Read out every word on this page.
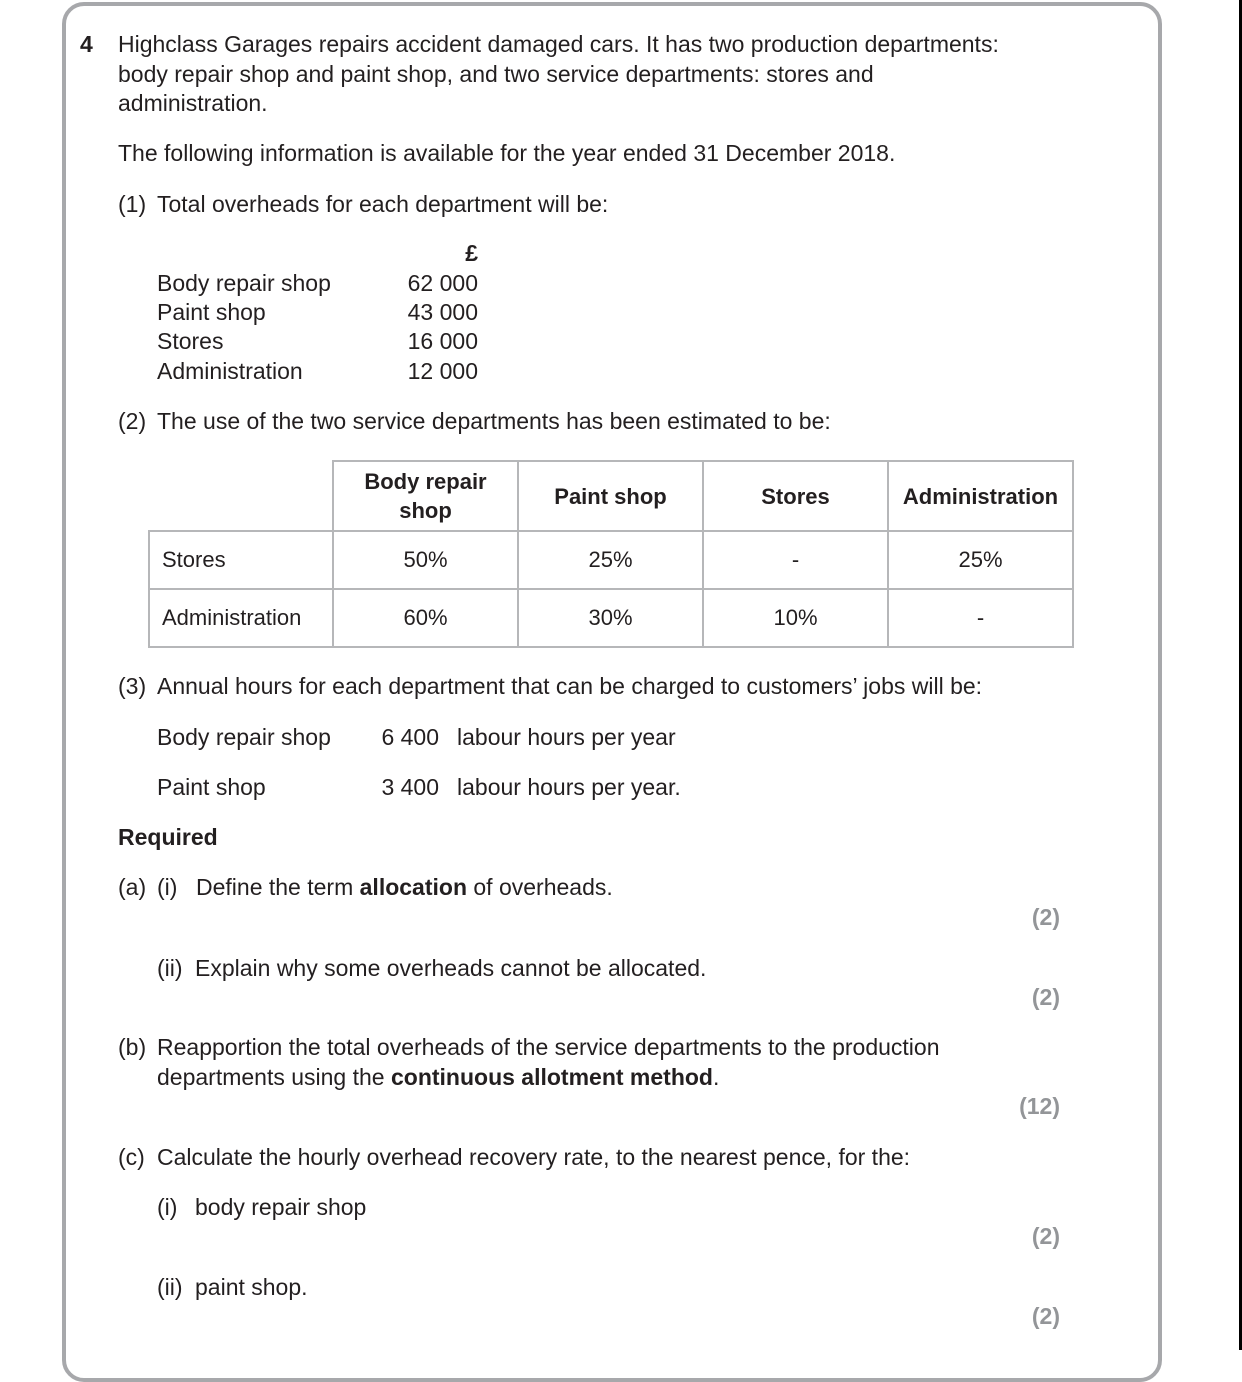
4 Highclass Garages repairs accident damaged cars. It has two production departments:
body repair shop and paint shop, and two service departments: stores and
administration.
The following information is available for the year ended 31 December 2018.
(1) Total overheads for each department will be:
£
Body repair shop	62 000
Paint shop	43 000
Stores	16 000
Administration	12 000
(2) The use of the two service departments has been estimated to be:
	Body repair
shop	Paint shop	Stores	Administration
Stores	50%	25%	-	25%
Administration	60%	30%	10%	-
(3) Annual hours for each department that can be charged to customers’ jobs will be:
Body repair shop	6 400 labour hours per year
Paint shop	3 400 labour hours per year.
Required
(a) (i) Define the term allocation of overheads.
(2)
(ii) Explain why some overheads cannot be allocated.
(2)
(b) Reapportion the total overheads of the service departments to the production
departments using the continuous allotment method.
(12)
(c) Calculate the hourly overhead recovery rate, to the nearest pence, for the:
(i) body repair shop
(2)
(ii) paint shop.
(2)
